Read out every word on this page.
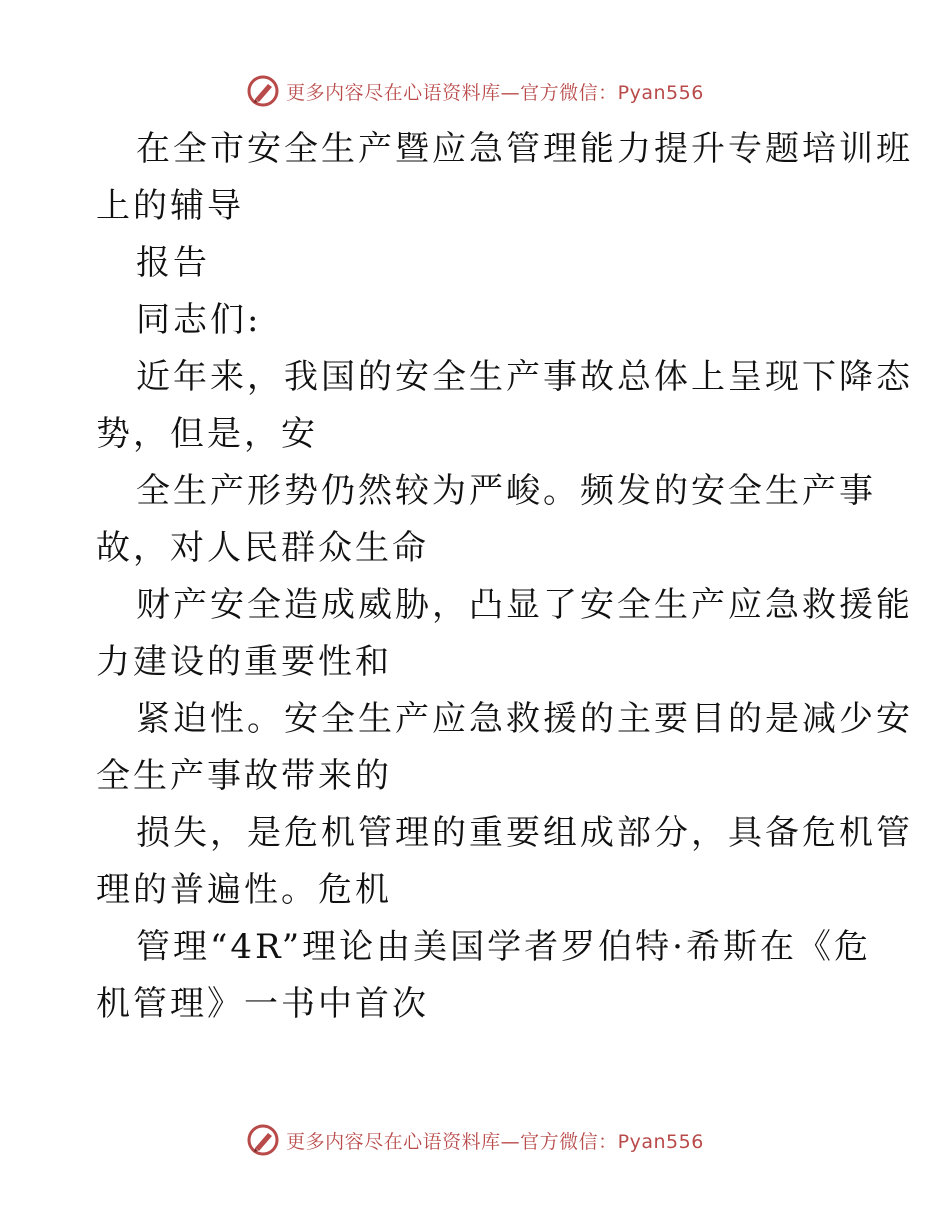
更多内容尽在心语资料库—官方微信：Pyan556
在全市安全生产暨应急管理能力提升专题培训班
上的辅导
报告
同志们:
近年来，我国的安全生产事故总体上呈现下降态
势，但是，安
全生产形势仍然较为严峻。频发的安全生产事
故，对人民群众生命
财产安全造成威胁，凸显了安全生产应急救援能
力建设的重要性和
紧迫性。安全生产应急救援的主要目的是减少安
全生产事故带来的
损失，是危机管理的重要组成部分，具备危机管
理的普遍性。危机
管理“4R”理论由美国学者罗伯特·希斯在《危
机管理》一书中首次
更多内容尽在心语资料库—官方微信：Pyan556
